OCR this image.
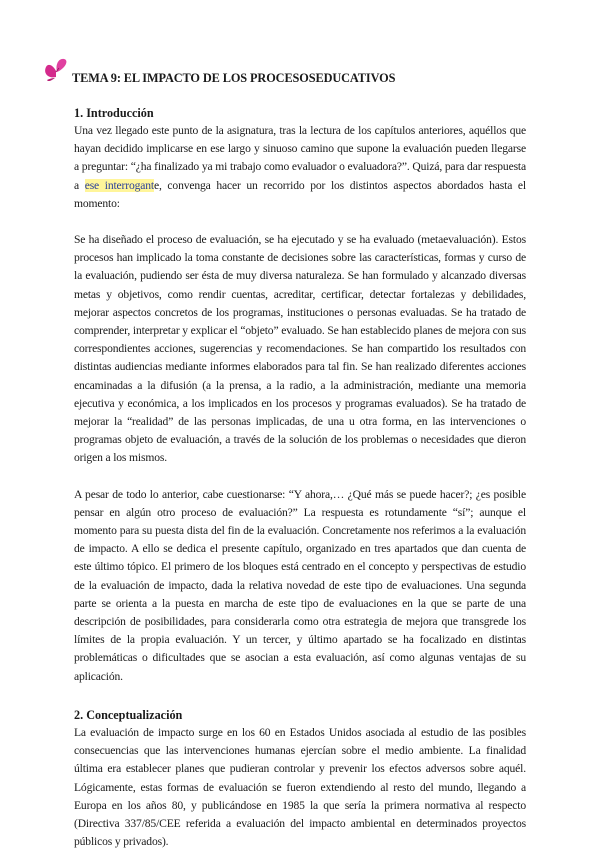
TEMA 9: EL IMPACTO DE LOS PROCESOSEDUCATIVOS

1. Introducción

Una vez llegado este punto de la asignatura, tras la lectura de los capítulos anteriores, aquéllos que hayan decidido implicarse en ese largo y sinuoso camino que supone la evaluación pueden llegarse a preguntar: “¿ha finalizado ya mi trabajo como evaluador o evaluadora?”. Quizá, para dar respuesta a ese interrogante, convenga hacer un recorrido por los distintos aspectos abordados hasta el momento:

Se ha diseñado el proceso de evaluación, se ha ejecutado y se ha evaluado (metaevaluación). Estos procesos han implicado la toma constante de decisiones sobre las características, formas y curso de la evaluación, pudiendo ser ésta de muy diversa naturaleza. Se han formulado y alcanzado diversas metas y objetivos, como rendir cuentas, acreditar, certificar, detectar fortalezas y debilidades, mejorar aspectos concretos de los programas, instituciones o personas evaluadas. Se ha tratado de comprender, interpretar y explicar el “objeto” evaluado. Se han establecido planes de mejora con sus correspondientes acciones, sugerencias y recomendaciones. Se han compartido los resultados con distintas audiencias mediante informes elaborados para tal fin. Se han realizado diferentes acciones encaminadas a la difusión (a la prensa, a la radio, a la administración, mediante una memoria ejecutiva y económica, a los implicados en los procesos y programas evaluados). Se ha tratado de mejorar la “realidad” de las personas implicadas, de una u otra forma, en las intervenciones o programas objeto de evaluación, a través de la solución de los problemas o necesidades que dieron origen a los mismos.

A pesar de todo lo anterior, cabe cuestionarse: “Y ahora,… ¿Qué más se puede hacer?; ¿es posible pensar en algún otro proceso de evaluación?” La respuesta es rotundamente “sí”; aunque el momento para su puesta dista del fin de la evaluación. Concretamente nos referimos a la evaluación de impacto. A ello se dedica el presente capítulo, organizado en tres apartados que dan cuenta de este último tópico. El primero de los bloques está centrado en el concepto y perspectivas de estudio de la evaluación de impacto, dada la relativa novedad de este tipo de evaluaciones. Una segunda parte se orienta a la puesta en marcha de este tipo de evaluaciones en la que se parte de una descripción de posibilidades, para considerarla como otra estrategia de mejora que transgrede los límites de la propia evaluación. Y un tercer, y último apartado se ha focalizado en distintas problemáticas o dificultades que se asocian a esta evaluación, así como algunas ventajas de su aplicación.

2. Conceptualización

La evaluación de impacto surge en los 60 en Estados Unidos asociada al estudio de las posibles consecuencias que las intervenciones humanas ejercían sobre el medio ambiente. La finalidad última era establecer planes que pudieran controlar y prevenir los efectos adversos sobre aquél. Lógicamente, estas formas de evaluación se fueron extendiendo al resto del mundo, llegando a Europa en los años 80, y publicándose en 1985 la que sería la primera normativa al respecto (Directiva 337/85/CEE referida a evaluación del impacto ambiental en determinados proyectos públicos y privados).
